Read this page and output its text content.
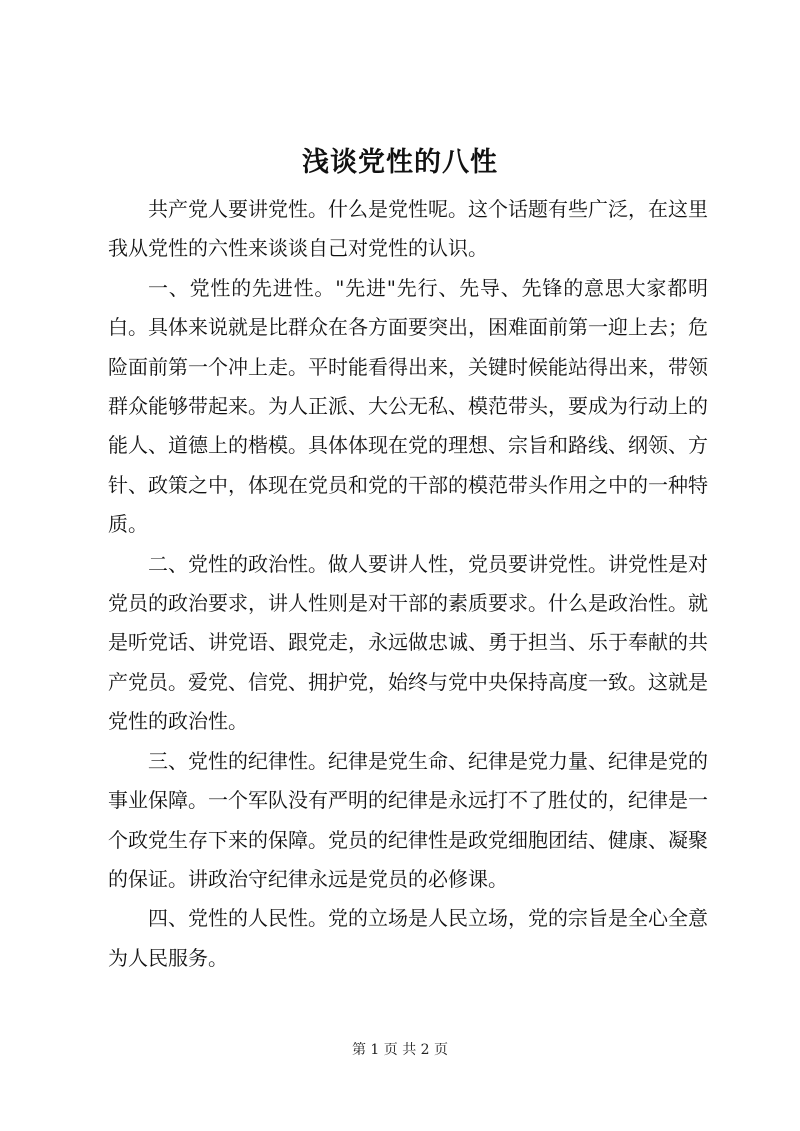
浅谈党性的八性

共产党人要讲党性。什么是党性呢。这个话题有些广泛，在这里我从党性的六性来谈谈自己对党性的认识。

一、党性的先进性。"先进"先行、先导、先锋的意思大家都明白。具体来说就是比群众在各方面要突出，困难面前第一迎上去；危险面前第一个冲上走。平时能看得出来，关键时候能站得出来，带领群众能够带起来。为人正派、大公无私、模范带头，要成为行动上的能人、道德上的楷模。具体体现在党的理想、宗旨和路线、纲领、方针、政策之中，体现在党员和党的干部的模范带头作用之中的一种特质。

二、党性的政治性。做人要讲人性，党员要讲党性。讲党性是对党员的政治要求，讲人性则是对干部的素质要求。什么是政治性。就是听党话、讲党语、跟党走，永远做忠诚、勇于担当、乐于奉献的共产党员。爱党、信党、拥护党，始终与党中央保持高度一致。这就是党性的政治性。

三、党性的纪律性。纪律是党生命、纪律是党力量、纪律是党的事业保障。一个军队没有严明的纪律是永远打不了胜仗的，纪律是一个政党生存下来的保障。党员的纪律性是政党细胞团结、健康、凝聚的保证。讲政治守纪律永远是党员的必修课。

四、党性的人民性。党的立场是人民立场，党的宗旨是全心全意为人民服务。

第 1 页 共 2 页
